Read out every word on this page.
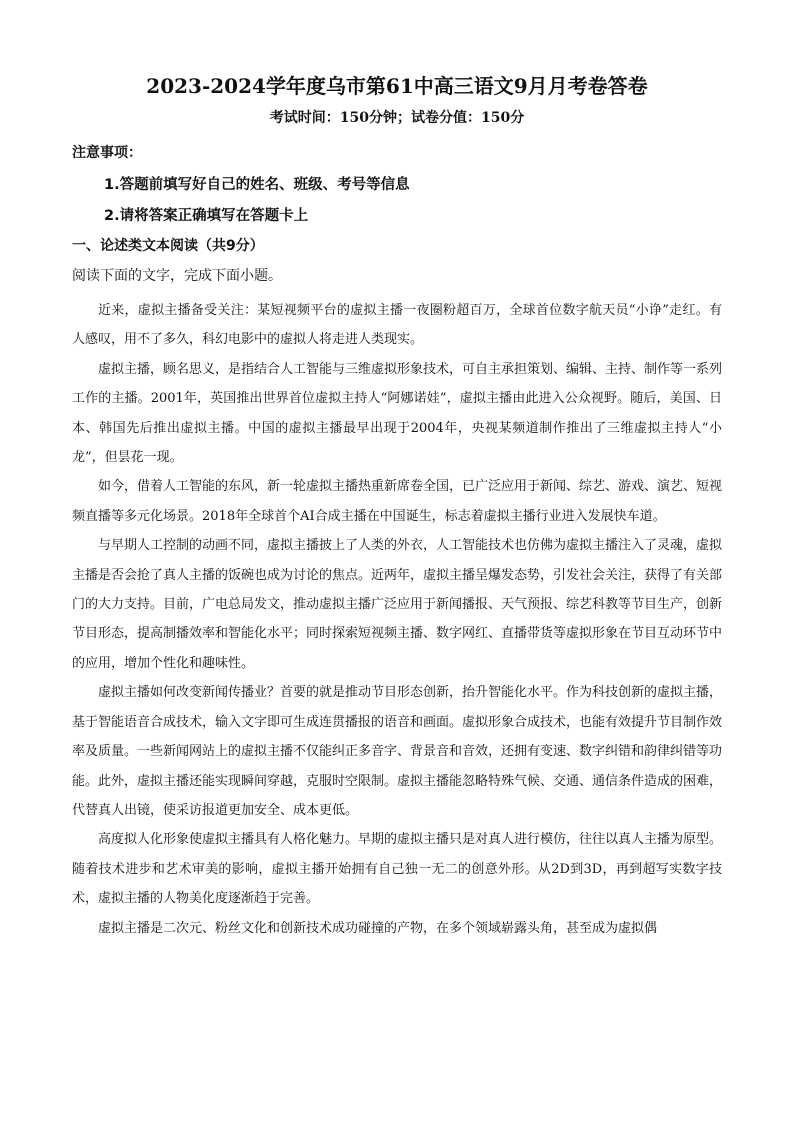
2023-2024学年度乌市第61中高三语文9月月考卷答卷
考试时间：150分钟；试卷分值：150分
注意事项：
1.答题前填写好自己的姓名、班级、考号等信息
2.请将答案正确填写在答题卡上
一、论述类文本阅读（共9分）
阅读下面的文字，完成下面小题。

近来，虚拟主播备受关注：某短视频平台的虚拟主播一夜圈粉超百万，全球首位数字航天员“小诤”走红。有人感叹，用不了多久，科幻电影中的虚拟人将走进人类现实。

虚拟主播，顾名思义，是指结合人工智能与三维虚拟形象技术，可自主承担策划、编辑、主持、制作等一系列工作的主播。2001年，英国推出世界首位虚拟主持人“阿娜诺娃”，虚拟主播由此进入公众视野。随后，美国、日本、韩国先后推出虚拟主播。中国的虚拟主播最早出现于2004年，央视某频道制作推出了三维虚拟主持人“小龙”，但昙花一现。

如今，借着人工智能的东风，新一轮虚拟主播热重新席卷全国，已广泛应用于新闻、综艺、游戏、演艺、短视频直播等多元化场景。2018年全球首个AI合成主播在中国诞生，标志着虚拟主播行业进入发展快车道。

与早期人工控制的动画不同，虚拟主播披上了人类的外衣，人工智能技术也仿佛为虚拟主播注入了灵魂，虚拟主播是否会抢了真人主播的饭碗也成为讨论的焦点。近两年，虚拟主播呈爆发态势，引发社会关注，获得了有关部门的大力支持。目前，广电总局发文，推动虚拟主播广泛应用于新闻播报、天气预报、综艺科教等节目生产，创新节目形态，提高制播效率和智能化水平；同时探索短视频主播、数字网红、直播带货等虚拟形象在节目互动环节中的应用，增加个性化和趣味性。

虚拟主播如何改变新闻传播业？首要的就是推动节目形态创新，抬升智能化水平。作为科技创新的虚拟主播，基于智能语音合成技术，输入文字即可生成连贯播报的语音和画面。虚拟形象合成技术，也能有效提升节目制作效率及质量。一些新闻网站上的虚拟主播不仅能纠正多音字、背景音和音效，还拥有变速、数字纠错和韵律纠错等功能。此外，虚拟主播还能实现瞬间穿越，克服时空限制。虚拟主播能忽略特殊气候、交通、通信条件造成的困难，代替真人出镜，使采访报道更加安全、成本更低。

高度拟人化形象使虚拟主播具有人格化魅力。早期的虚拟主播只是对真人进行模仿，往往以真人主播为原型。随着技术进步和艺术审美的影响，虚拟主播开始拥有自己独一无二的创意外形。从2D到3D，再到超写实数字技术，虚拟主播的人物美化度逐渐趋于完善。

虚拟主播是二次元、粉丝文化和创新技术成功碰撞的产物，在多个领域崭露头角，甚至成为虚拟偶
